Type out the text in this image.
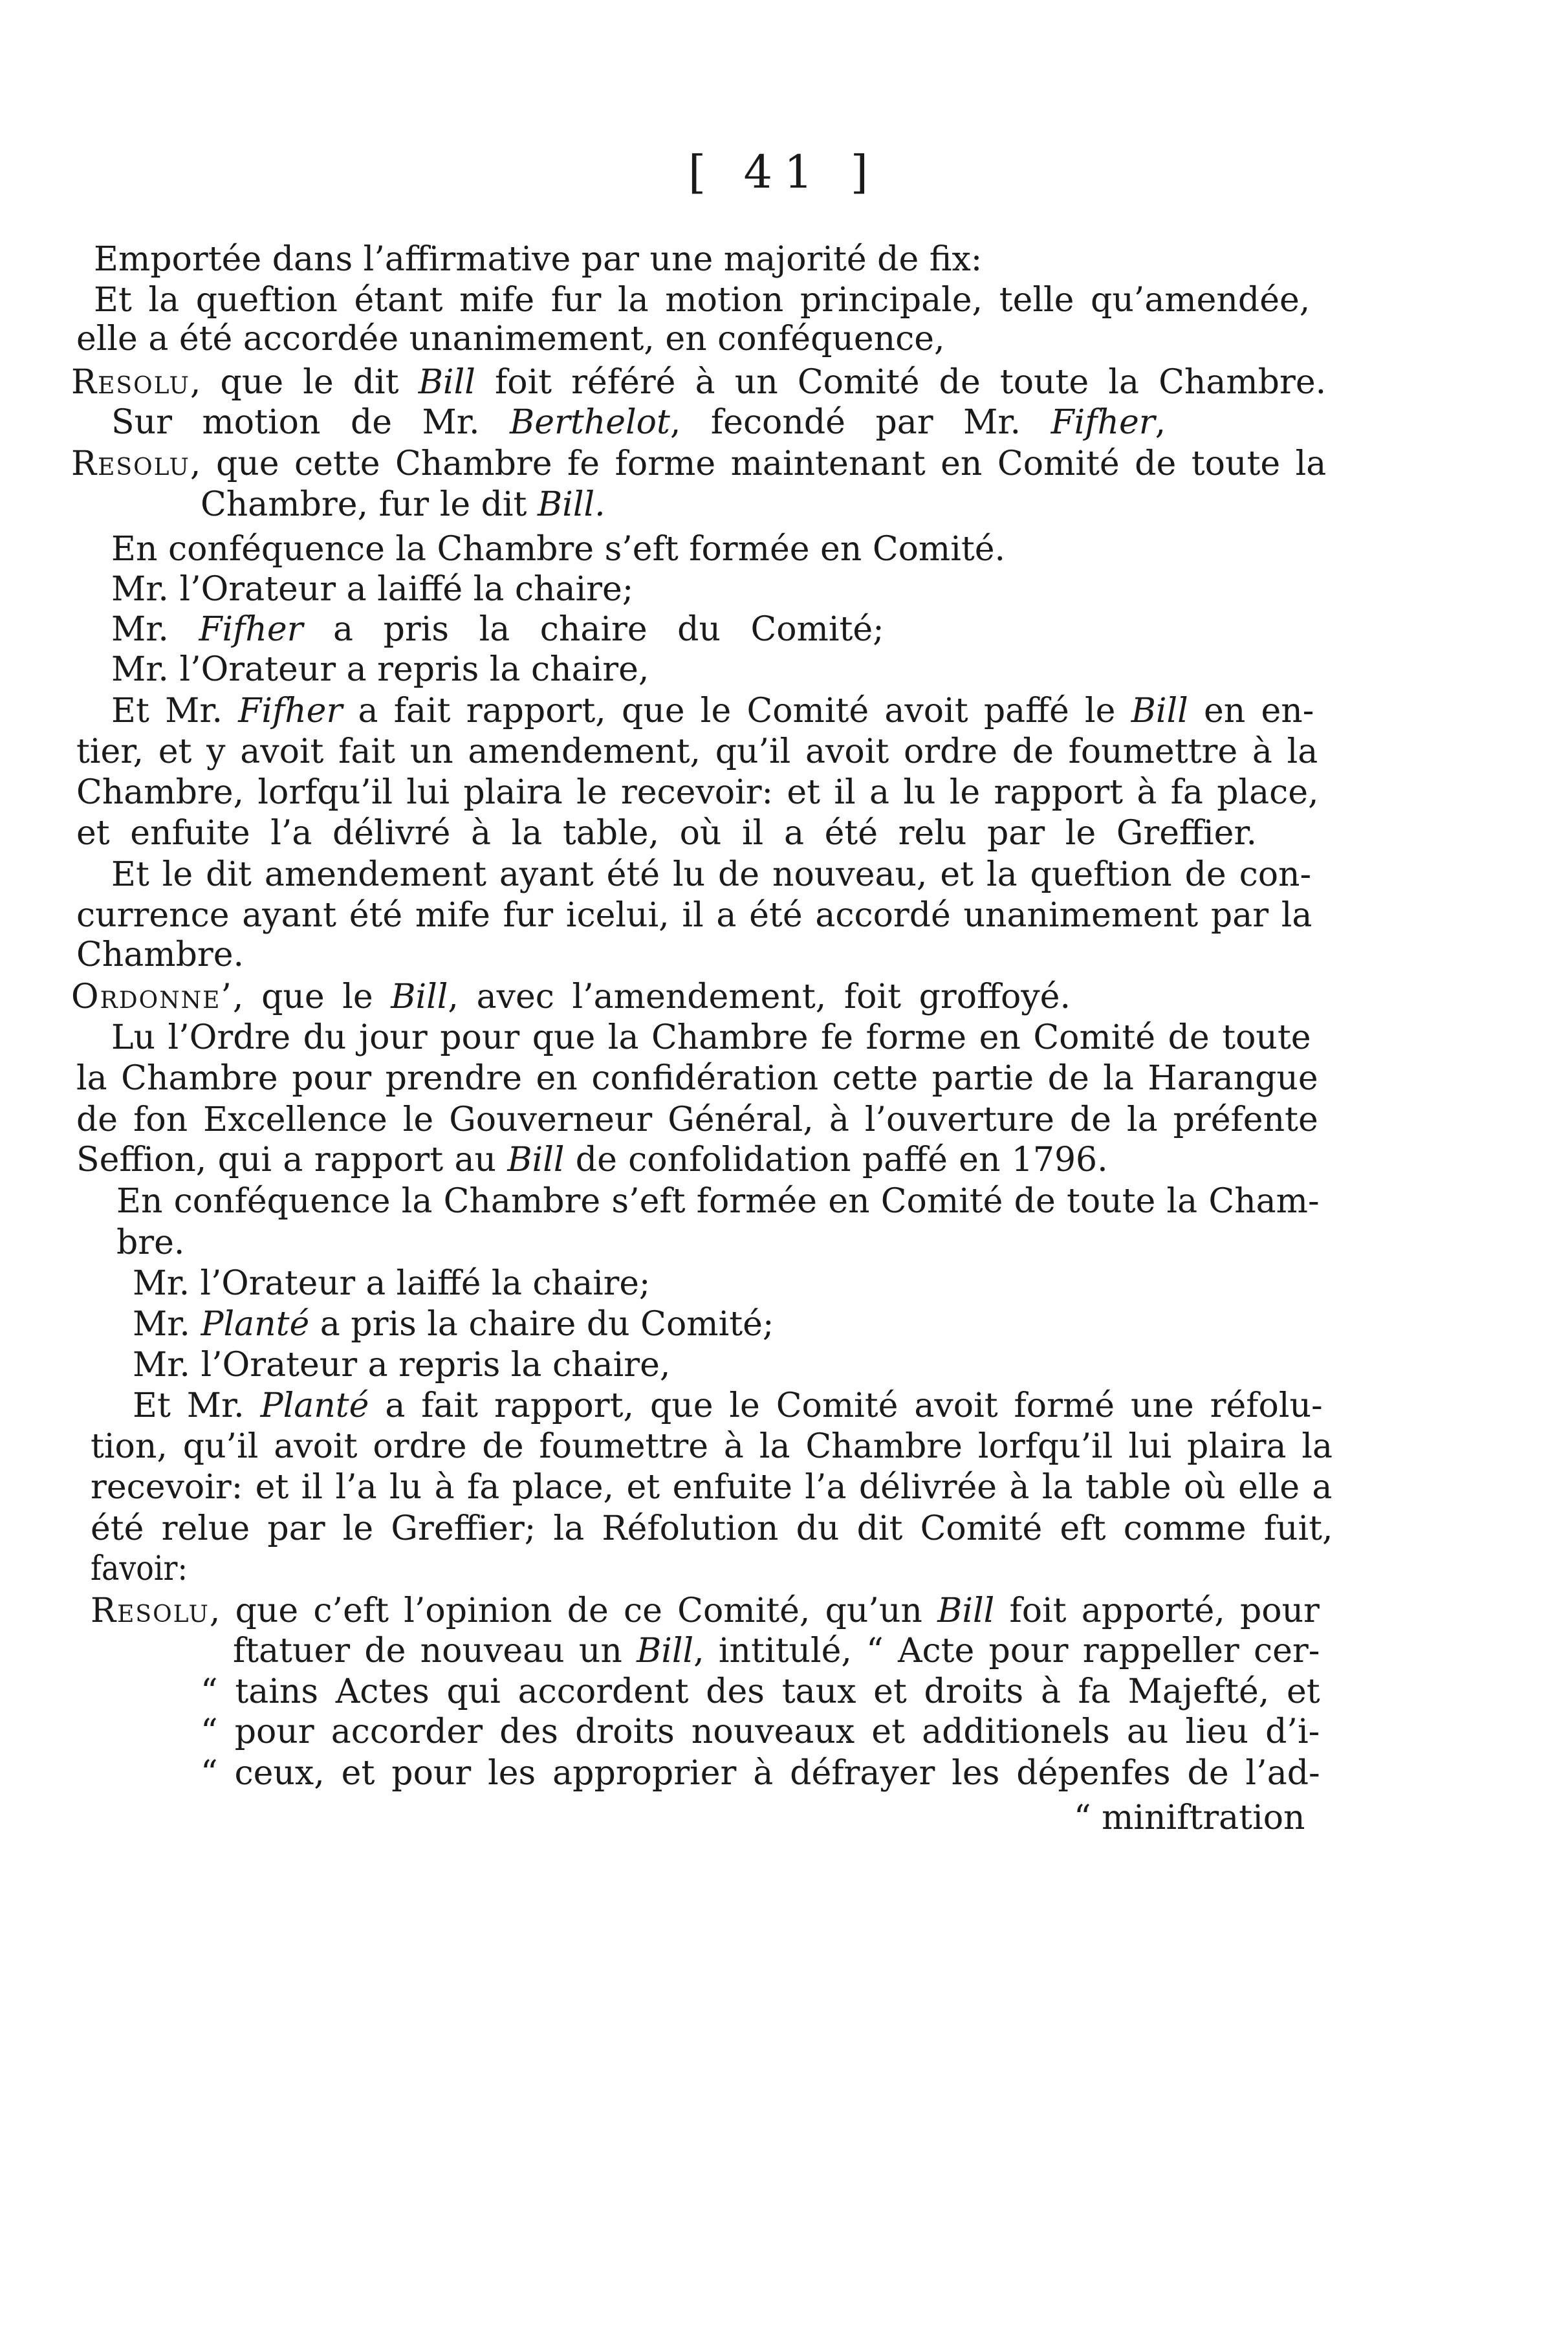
[ 41 ]
Emportée dans l’affirmative par une majorité de fix:
Et la queftion étant mife fur la motion principale, telle qu’amendée,
elle a été accordée unanimement, en conféquence,
Resolu, que le dit Bill foit référé à un Comité de toute la Chambre.
Sur motion de Mr. Berthelot, fecondé par Mr. Fifher,
Resolu, que cette Chambre fe forme maintenant en Comité de toute la
Chambre, fur le dit Bill.
En conféquence la Chambre s’eft formée en Comité.
Mr. l’Orateur a laiffé la chaire;
Mr. Fifher a pris la chaire du Comité;
Mr. l’Orateur a repris la chaire,
Et Mr. Fifher a fait rapport, que le Comité avoit paffé le Bill en en-
tier, et y avoit fait un amendement, qu’il avoit ordre de foumettre à la
Chambre, lorfqu’il lui plaira le recevoir: et il a lu le rapport à fa place,
et enfuite l’a délivré à la table, où il a été relu par le Greffier.
Et le dit amendement ayant été lu de nouveau, et la queftion de con-
currence ayant été mife fur icelui, il a été accordé unanimement par la
Chambre.
Ordonne’, que le Bill, avec l’amendement, foit groffoyé.
Lu l’Ordre du jour pour que la Chambre fe forme en Comité de toute
la Chambre pour prendre en confidération cette partie de la Harangue
de fon Excellence le Gouverneur Général, à l’ouverture de la préfente
Seffion, qui a rapport au Bill de confolidation paffé en 1796.
En conféquence la Chambre s’eft formée en Comité de toute la Cham-
bre.
Mr. l’Orateur a laiffé la chaire;
Mr. Planté a pris la chaire du Comité;
Mr. l’Orateur a repris la chaire,
Et Mr. Planté a fait rapport, que le Comité avoit formé une réfolu-
tion, qu’il avoit ordre de foumettre à la Chambre lorfqu’il lui plaira la
recevoir: et il l’a lu à fa place, et enfuite l’a délivrée à la table où elle a
été relue par le Greffier; la Réfolution du dit Comité eft comme fuit,
favoir:
Resolu, que c’eft l’opinion de ce Comité, qu’un Bill foit apporté, pour
ftatuer de nouveau un Bill, intitulé, “ Acte pour rappeller cer-
“ tains Actes qui accordent des taux et droits à fa Majefté, et
“ pour accorder des droits nouveaux et additionels au lieu d’i-
“ ceux, et pour les approprier à défrayer les dépenfes de l’ad-
“ miniftration
